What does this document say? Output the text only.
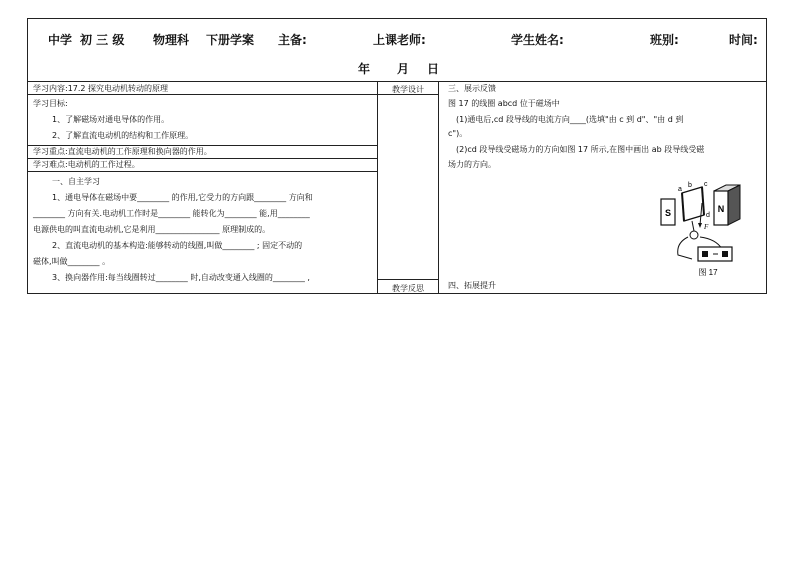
中学 初 三 级 物理科 下册学案 主备:	上课老师:	学生姓名:	班别:	时间:
年 月 日
学习内容:17.2 探究电动机转动的原理
学习目标:
1、了解磁场对通电导体的作用。
2、了解直流电动机的结构和工作原理。
学习重点:直流电动机的工作原理和换向器的作用。
学习难点:电动机的工作过程。
一、自主学习
1、通电导体在磁场中要________ 的作用,它受力的方向跟________ 方向和
________ 方向有关.电动机工作时是________ 能转化为________ 能,用________
电源供电的叫直流电动机,它是利用________________ 原理制成的。
2、直流电动机的基本构造:能够转动的线圈,叫做________ ; 固定不动的
磁体,叫做________ 。
3、换向器作用:每当线圈转过________ 时,自动改变通入线圈的________ ,
教学设计
教学反思
三、展示反馈
图 17 的线圈 abcd 位于磁场中
(1)通电后,cd 段导线的电流方向____(选填"由 c 到 d"、"由 d 到
c")。
(2)cd 段导线受磁场力的方向如图 17 所示,在图中画出 ab 段导线受磁
场力的方向。
四、拓展提升
S	N
a
b c
d
F
图 17
